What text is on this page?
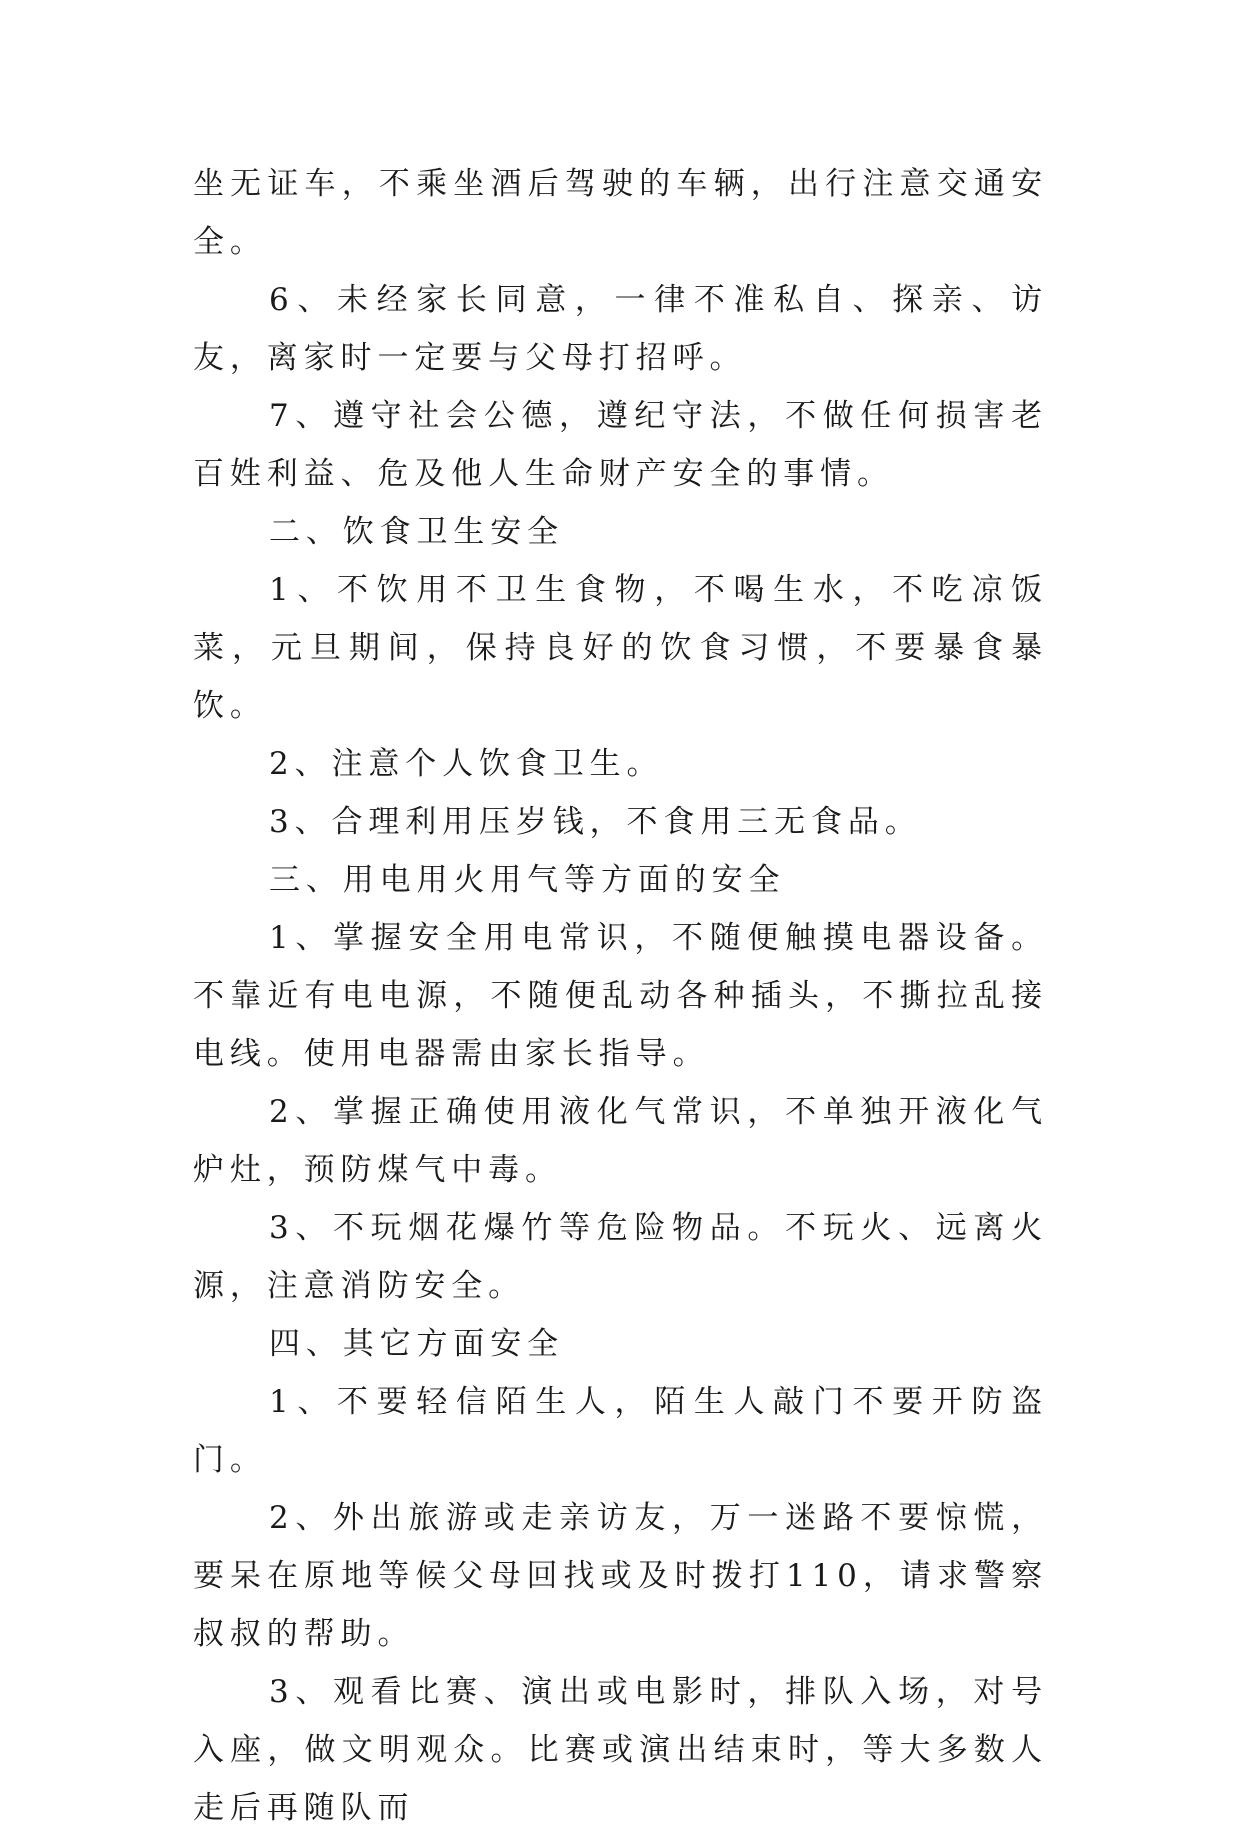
坐无证车，不乘坐酒后驾驶的车辆，出行注意交通安全。

6、未经家长同意，一律不准私自、探亲、访友，离家时一定要与父母打招呼。

7、遵守社会公德，遵纪守法，不做任何损害老百姓利益、危及他人生命财产安全的事情。

二、饮食卫生安全

1、不饮用不卫生食物，不喝生水，不吃凉饭菜，元旦期间，保持良好的饮食习惯，不要暴食暴饮。

2、注意个人饮食卫生。

3、合理利用压岁钱，不食用三无食品。

三、用电用火用气等方面的安全

1、掌握安全用电常识，不随便触摸电器设备。不靠近有电电源，不随便乱动各种插头，不撕拉乱接电线。使用电器需由家长指导。

2、掌握正确使用液化气常识，不单独开液化气炉灶，预防煤气中毒。

3、不玩烟花爆竹等危险物品。不玩火、远离火源，注意消防安全。

四、其它方面安全

1、不要轻信陌生人，陌生人敲门不要开防盗门。

2、外出旅游或走亲访友，万一迷路不要惊慌，要呆在原地等候父母回找或及时拨打110，请求警察叔叔的帮助。

3、观看比赛、演出或电影时，排队入场，对号入座，做文明观众。比赛或演出结束时，等大多数人走后再随队而
